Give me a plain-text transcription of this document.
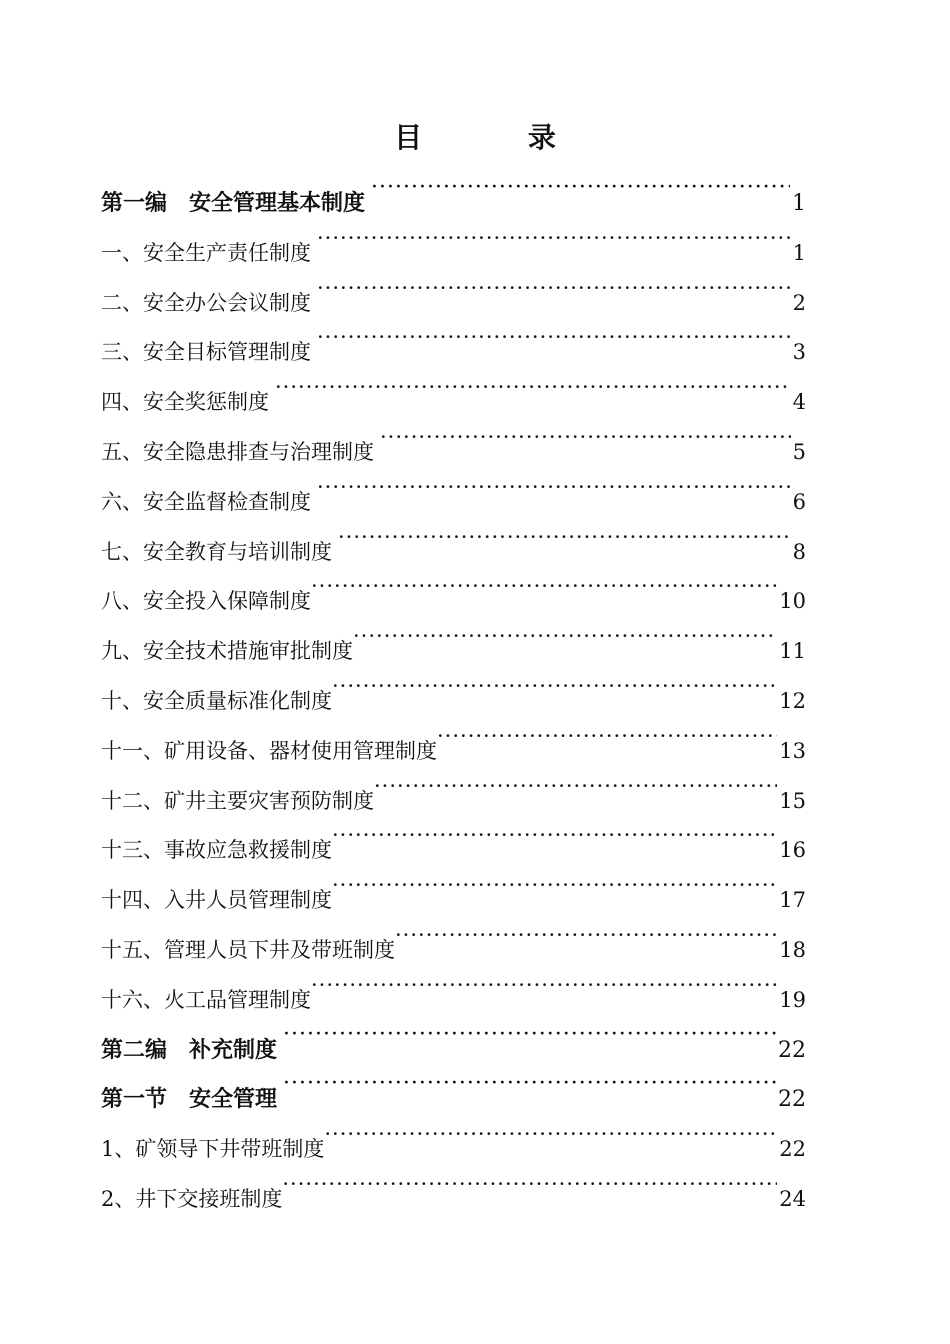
目 录
第一编　安全管理基本制度 ·····	1
一、安全生产责任制度 ·····	1
二、安全办公会议制度 ·····	2
三、安全目标管理制度 ·····	3
四、安全奖惩制度 ·····	4
五、安全隐患排查与治理制度 ·····	5
六、安全监督检查制度 ·····	6
七、安全教育与培训制度 ·····	8
八、安全投入保障制度 ·····	10
九、安全技术措施审批制度 ·····	11
十、安全质量标准化制度 ·····	12
十一、矿用设备、器材使用管理制度 ·····	13
十二、矿井主要灾害预防制度 ·····	15
十三、事故应急救援制度 ·····	16
十四、入井人员管理制度 ·····	17
十五、管理人员下井及带班制度 ·····	18
十六、火工品管理制度 ·····	19
第二编　补充制度 ·····	22
第一节　安全管理 ·····	22
1、矿领导下井带班制度 ·····	22
2、井下交接班制度 ·····	24
